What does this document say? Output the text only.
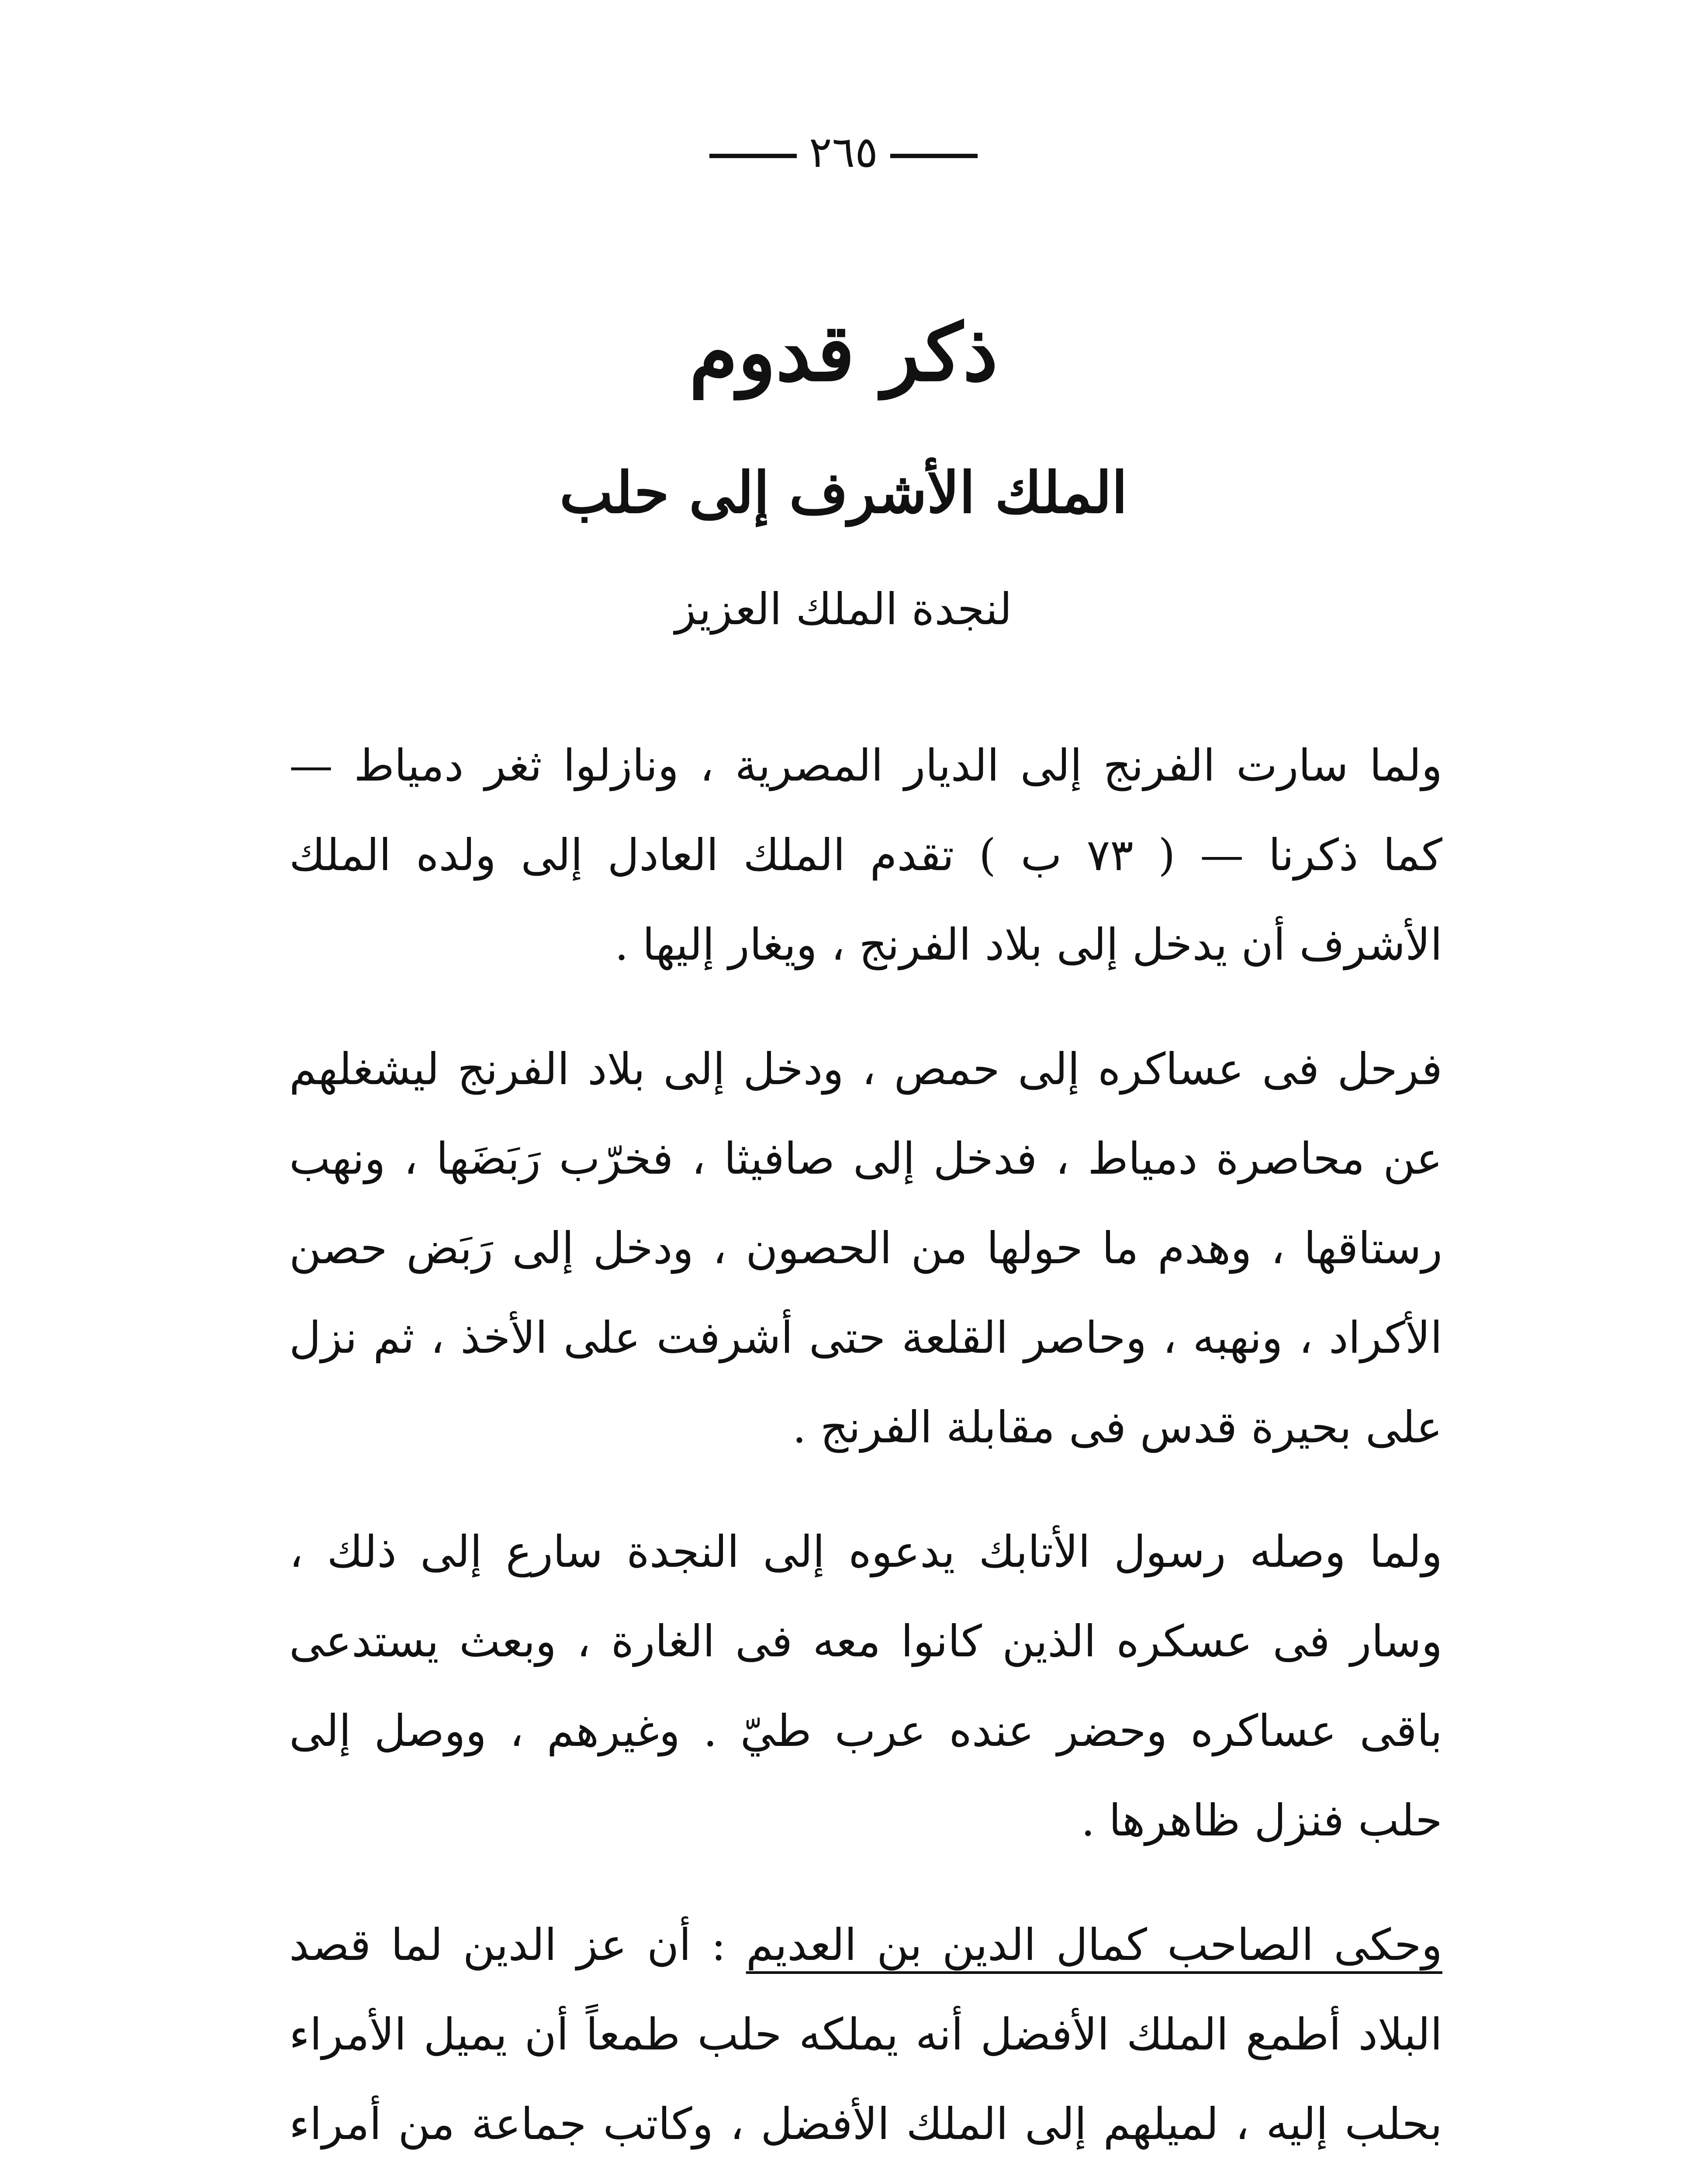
٢٦٥
ذكر قدوم
الملك الأشرف إلى حلب
لنجدة الملك العزيز

ولما سارت الفرنج إلى الديار المصرية ، ونازلوا ثغر دمياط — كما ذكرنا — ( ٧٣ ب ) تقدم الملك العادل إلى ولده الملك الأشرف أن يدخل إلى بلاد الفرنج ، ويغار إليها .

فرحل فى عساكره إلى حمص ، ودخل إلى بلاد الفرنج ليشغلهم عن محاصرة دمياط ، فدخل إلى صافيثا ، فخرّب رَبَضَها ، ونهب رستاقها ، وهدم ما حولها من الحصون ، ودخل إلى رَبَض حصن الأكراد ، ونهبه ، وحاصر القلعة حتى أشرفت على الأخذ ، ثم نزل على بحيرة قدس فى مقابلة الفرنج .

ولما وصله رسول الأتابك يدعوه إلى النجدة سارع إلى ذلك ، وسار فى عسكره الذين كانوا معه فى الغارة ، وبعث يستدعى باقى عساكره وحضر عنده عرب طيّ . وغيرهم ، ووصل إلى حلب فنزل ظاهرها .

وحكى الصاحب كمال الدين بن العديم : أن عز الدين لما قصد البلاد أطمع الملك الأفضل أنه يملكه حلب طمعاً أن يميل الأمراء بحلب إليه ، لميلهم إلى الملك الأفضل ، وكاتب جماعة من أمراء
